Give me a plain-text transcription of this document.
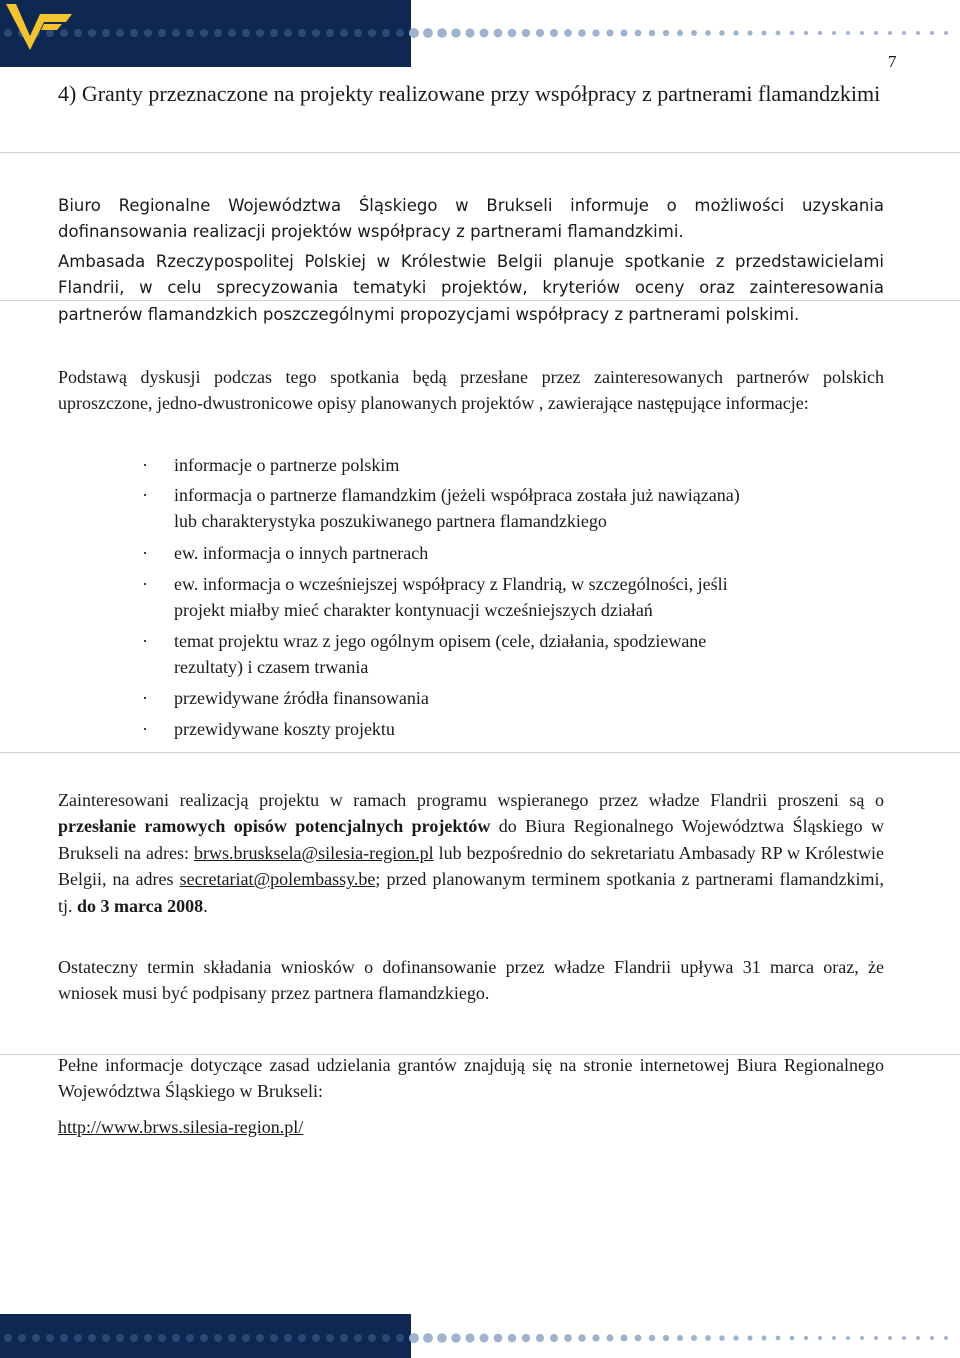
7
4) Granty przeznaczone na projekty realizowane przy współpracy z partnerami flamandzkimi
Biuro Regionalne Województwa Śląskiego w Brukseli informuje o możliwości uzyskania dofinansowania realizacji projektów współpracy z partnerami flamandzkimi.
Ambasada Rzeczypospolitej Polskiej w Królestwie Belgii planuje spotkanie z przedstawicielami Flandrii, w celu sprecyzowania tematyki projektów, kryteriów oceny oraz zainteresowania partnerów flamandzkich poszczególnymi propozycjami współpracy z partnerami polskimi.
Podstawą dyskusji podczas tego spotkania będą przesłane przez zainteresowanych partnerów polskich uproszczone, jedno-dwustronicowe opisy planowanych projektów , zawierające następujące informacje:
·	informacje o partnerze polskim
·	informacja o partnerze flamandzkim (jeżeli współpraca została już nawiązana)
lub charakterystyka poszukiwanego partnera flamandzkiego
·	ew. informacja o innych partnerach
·	ew. informacja o wcześniejszej współpracy z Flandrią, w szczególności, jeśli
projekt miałby mieć charakter kontynuacji wcześniejszych działań
·	temat projektu wraz z jego ogólnym opisem (cele, działania, spodziewane
rezultaty) i czasem trwania
·	przewidywane źródła finansowania
·	przewidywane koszty projektu
Zainteresowani realizacją projektu w ramach programu wspieranego przez władze Flandrii proszeni są o przesłanie ramowych opisów potencjalnych projektów do Biura Regionalnego Województwa Śląskiego w Brukseli na adres: brws.brusksela@silesia-region.pl lub bezpośrednio do sekretariatu Ambasady RP w Królestwie Belgii, na adres secretariat@polembassy.be; przed planowanym terminem spotkania z partnerami flamandzkimi, tj. do 3 marca 2008.
Ostateczny termin składania wniosków o dofinansowanie przez władze Flandrii upływa 31 marca oraz, że wniosek musi być podpisany przez partnera flamandzkiego.
Pełne informacje dotyczące zasad udzielania grantów znajdują się na stronie internetowej Biura Regionalnego Województwa Śląskiego w Brukseli:
http://www.brws.silesia-region.pl/
